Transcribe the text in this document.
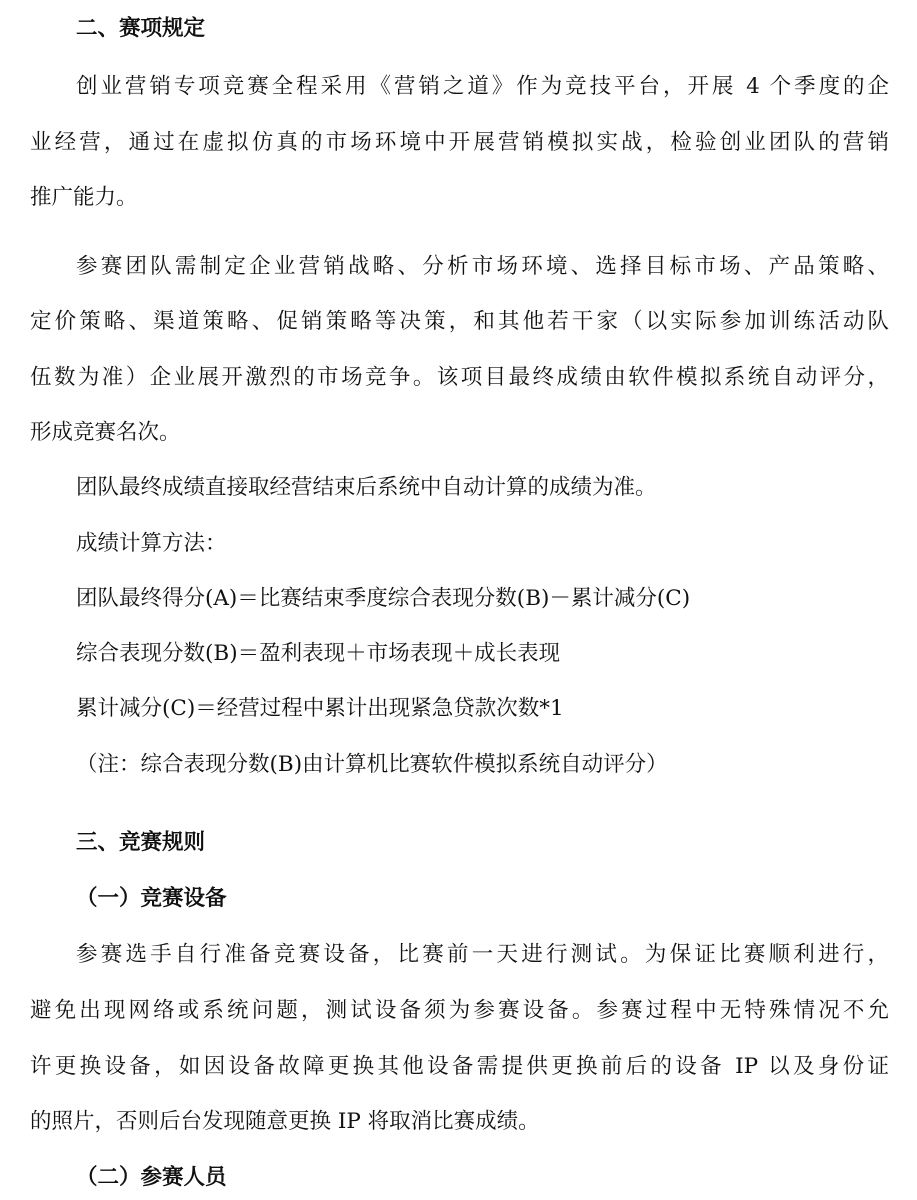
二、赛项规定
创业营销专项竞赛全程采用《营销之道》作为竞技平台，开展 4 个季度的企
业经营，通过在虚拟仿真的市场环境中开展营销模拟实战，检验创业团队的营销
推广能力。
参赛团队需制定企业营销战略、分析市场环境、选择目标市场、产品策略、
定价策略、渠道策略、促销策略等决策，和其他若干家（以实际参加训练活动队
伍数为准）企业展开激烈的市场竞争。该项目最终成绩由软件模拟系统自动评分，
形成竞赛名次。
团队最终成绩直接取经营结束后系统中自动计算的成绩为准。
成绩计算方法：
团队最终得分(A)＝比赛结束季度综合表现分数(B)－累计减分(C)
综合表现分数(B)＝盈利表现＋市场表现＋成长表现
累计减分(C)＝经营过程中累计出现紧急贷款次数*1
（注：综合表现分数(B)由计算机比赛软件模拟系统自动评分）
三、竞赛规则
（一）竞赛设备
参赛选手自行准备竞赛设备，比赛前一天进行测试。为保证比赛顺利进行，
避免出现网络或系统问题，测试设备须为参赛设备。参赛过程中无特殊情况不允
许更换设备，如因设备故障更换其他设备需提供更换前后的设备 IP 以及身份证
的照片，否则后台发现随意更换 IP 将取消比赛成绩。
（二）参赛人员
